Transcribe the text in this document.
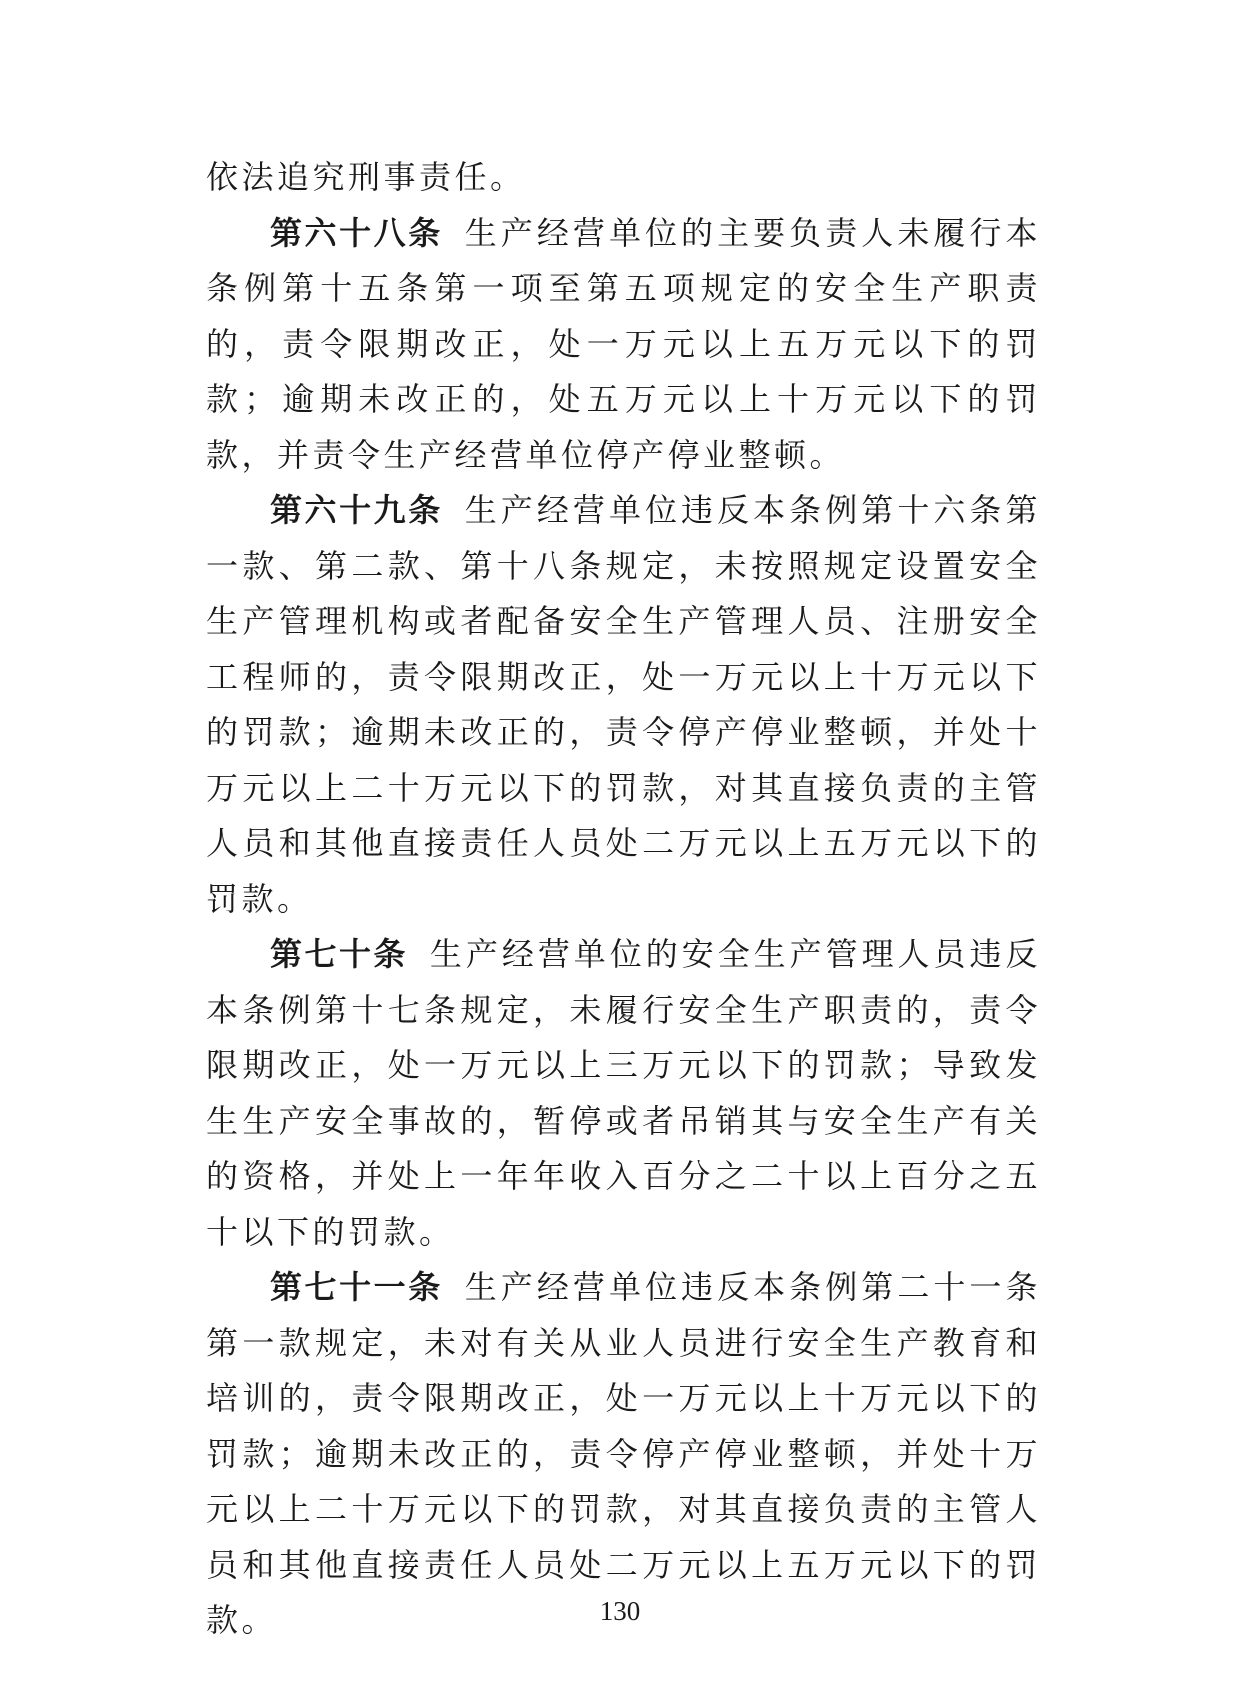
依法追究刑事责任。

第六十八条 生产经营单位的主要负责人未履行本条例第十五条第一项至第五项规定的安全生产职责的，责令限期改正，处一万元以上五万元以下的罚款；逾期未改正的，处五万元以上十万元以下的罚款，并责令生产经营单位停产停业整顿。

第六十九条 生产经营单位违反本条例第十六条第一款、第二款、第十八条规定，未按照规定设置安全生产管理机构或者配备安全生产管理人员、注册安全工程师的，责令限期改正，处一万元以上十万元以下的罚款；逾期未改正的，责令停产停业整顿，并处十万元以上二十万元以下的罚款，对其直接负责的主管人员和其他直接责任人员处二万元以上五万元以下的罚款。

第七十条 生产经营单位的安全生产管理人员违反本条例第十七条规定，未履行安全生产职责的，责令限期改正，处一万元以上三万元以下的罚款；导致发生生产安全事故的，暂停或者吊销其与安全生产有关的资格，并处上一年年收入百分之二十以上百分之五十以下的罚款。

第七十一条 生产经营单位违反本条例第二十一条第一款规定，未对有关从业人员进行安全生产教育和培训的，责令限期改正，处一万元以上十万元以下的罚款；逾期未改正的，责令停产停业整顿，并处十万元以上二十万元以下的罚款，对其直接负责的主管人员和其他直接责任人员处二万元以上五万元以下的罚款。	130
